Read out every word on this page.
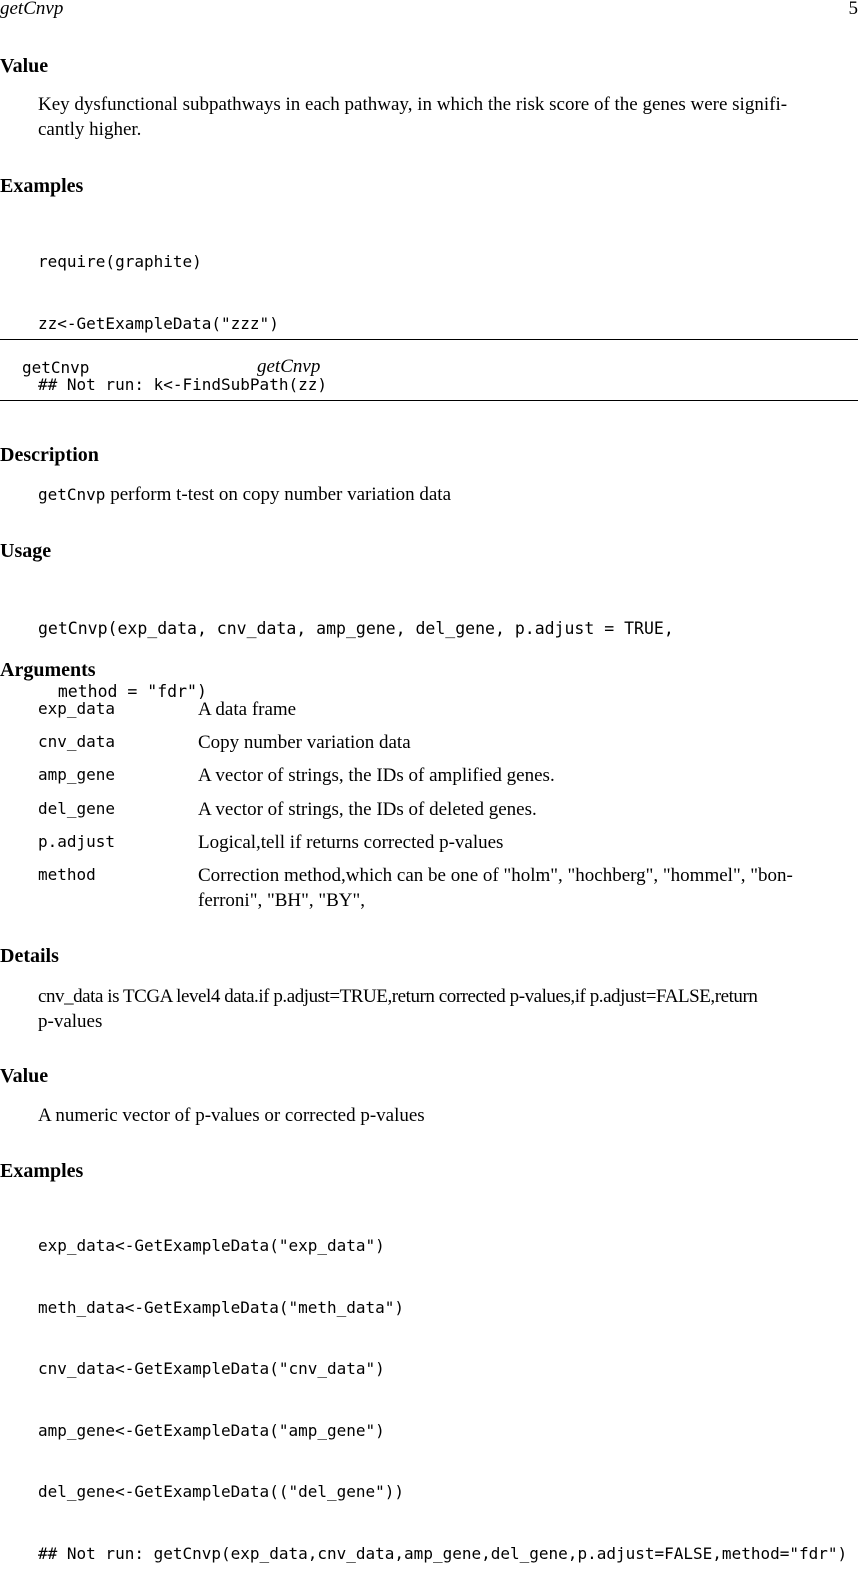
getCnvp	5
Value
Key dysfunctional subpathways in each pathway, in which the risk score of the genes were signifi-
cantly higher.
Examples

require(graphite)

zz<-GetExampleData("zzz")

## Not run: k<-FindSubPath(zz)

getCnvp	getCnvp
Description
getCnvp perform t-test on copy number variation data
Usage

getCnvp(exp_data, cnv_data, amp_gene, del_gene, p.adjust = TRUE,

method = "fdr")

Arguments
exp_data	A data frame
cnv_data	Copy number variation data
amp_gene	A vector of strings, the IDs of amplified genes.
del_gene	A vector of strings, the IDs of deleted genes.
p.adjust	Logical,tell if returns corrected p-values
method	Correction method,which can be one of "holm", "hochberg", "hommel", "bon-
ferroni", "BH", "BY",
Details
cnv_data is TCGA level4 data.if p.adjust=TRUE,return corrected p-values,if p.adjust=FALSE,return
p-values
Value
A numeric vector of p-values or corrected p-values
Examples

exp_data<-GetExampleData("exp_data")

meth_data<-GetExampleData("meth_data")

cnv_data<-GetExampleData("cnv_data")

amp_gene<-GetExampleData("amp_gene")

del_gene<-GetExampleData(("del_gene"))

## Not run: getCnvp(exp_data,cnv_data,amp_gene,del_gene,p.adjust=FALSE,method="fdr")
